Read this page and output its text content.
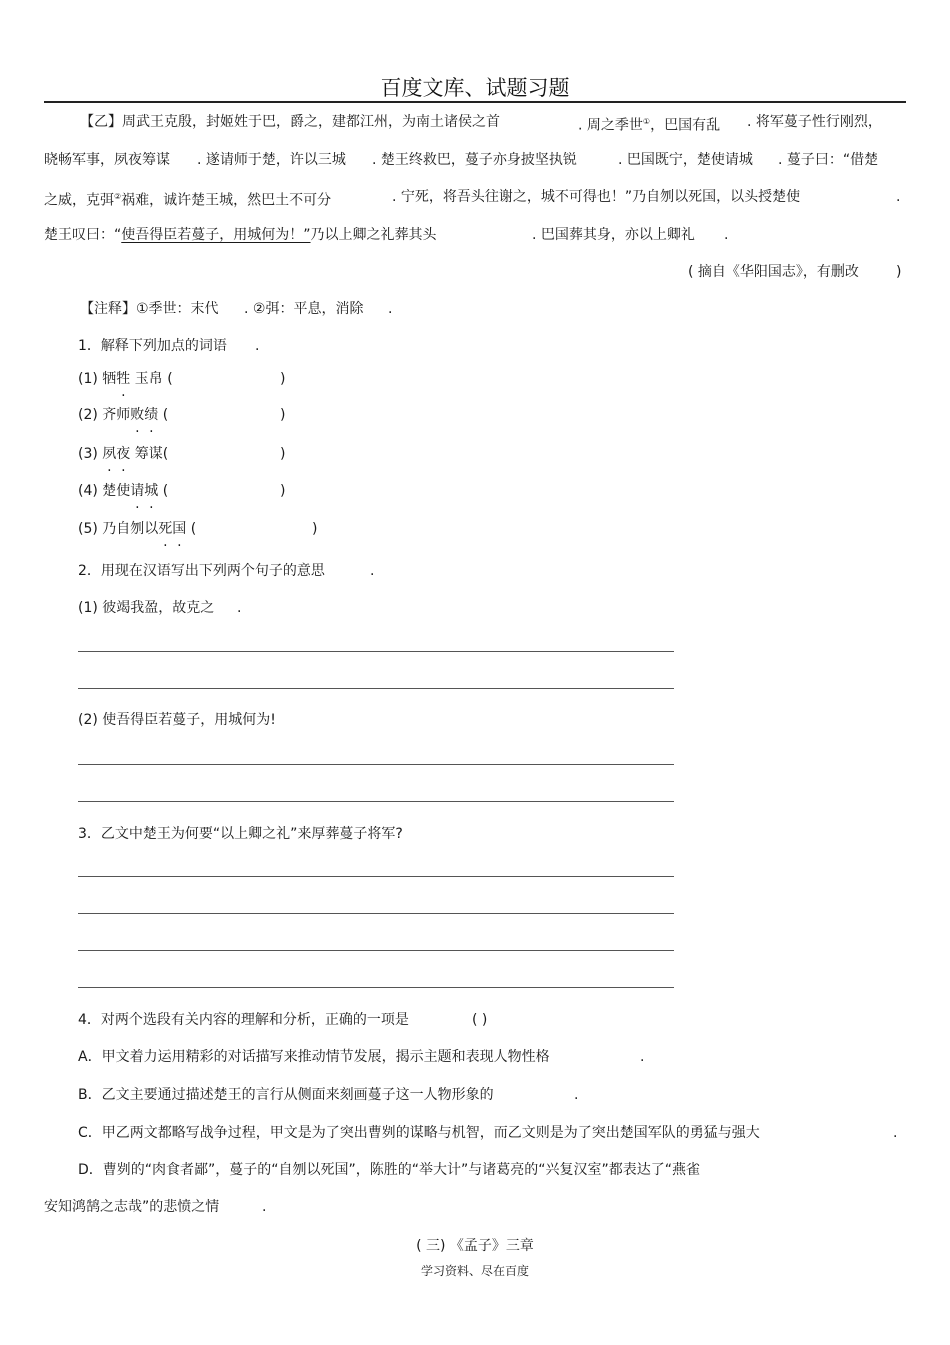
百度文库、试题习题
【乙】周武王克殷，封姬姓于巴，爵之，建都江州，为南土诸侯之首	. 周之季世①，巴国有乱 . 将军蔓子性行刚烈，
晓畅军事，夙夜筹谋 . 遂请师于楚，许以三城 . 楚王终救巴，蔓子亦身披坚执锐	. 巴国既宁，楚使请城 . 蔓子曰：“借楚
之威，克弭②祸难，诚许楚王城，然巴土不可分	. 宁死，将吾头往谢之，城不可得也！”乃自刎以死国，以头授楚使	.
楚王叹曰：“使吾得臣若蔓子，用城何为！”乃以上卿之礼葬其头	. 巴国葬其身，亦以上卿礼 .
( 摘自《华阳国志》，有删改	)
【注释】①季世：末代 . ②弭：平息，消除 .
1．解释下列加点的词语 .
(1) 牺牲 玉帛 (	)
(2) 齐师败绩 (	)
(3) 夙夜 筹谋(	)
(4) 楚使请城 (	)
(5) 乃自刎以死国 (	)
2．用现在汉语写出下列两个句子的意思	.
(1) 彼竭我盈，故克之 .
(2) 使吾得臣若蔓子，用城何为!
3．乙文中楚王为何要“以上卿之礼”来厚葬蔓子将军?
4．对两个选段有关内容的理解和分析，正确的一项是	( )
A．甲文着力运用精彩的对话描写来推动情节发展，揭示主题和表现人物性格	.
B．乙文主要通过描述楚王的言行从侧面来刻画蔓子这一人物形象的	.
C．甲乙两文都略写战争过程，甲文是为了突出曹刿的谋略与机智，而乙文则是为了突出楚国军队的勇猛与强大	.
D．曹刿的“肉食者鄙”，蔓子的“自刎以死国”，陈胜的“举大计”与诸葛亮的“兴复汉室”都表达了“燕雀
安知鸿鹄之志哉”的悲愤之情	.
( 三) 《孟子》三章
学习资料、尽在百度
